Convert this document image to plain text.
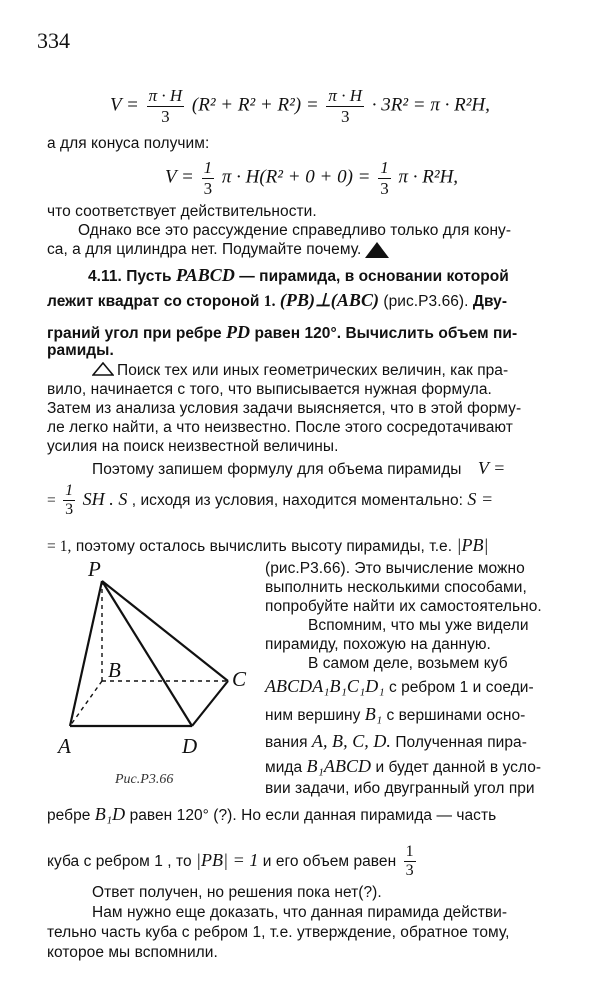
334
$V = \frac{\pi \cdot H}{3} (R^2 + R^2 + R^2) = \frac{\pi \cdot H}{3} \cdot 3R^2 = \pi \cdot R^2H$,
а для конуса получим:
$V = \frac{1}{3}$ $\pi \cdot H(R^2 + 0 + 0) = \frac{1}{3}$ π · R²H,
что соответствует действительности.
Однако все это рассуждение справедливо только для кону-
са, а для цилиндра нет. Подумайте почему.
4.11. Пусть PABCD — пирамида, в основании которой
лежит квадрат со стороной 1. (PB)⊥(ABC) (рис.Р3.66). Дву-
граний угол при ребре PD равен 120°. Вычислить объем пи-
рамиды.
Поиск тех или иных геометрических величин, как пра-
вило, начинается с того, что выписывается нужная формула.
Затем из анализа условия задачи выясняется, что в этой форму-
ле легко найти, а что неизвестно. После этого сосредотачивают
усилия на поиск неизвестной величины.
Поэтому запишем формулу для объема пирамиды V =
= $\frac{1}{3}$ SH . S , исходя из условия, находится моментально: S =
= 1, поэтому осталось вычислить высоту пирамиды, т.е. |PB|
P
B	C
A	D
Рис.Р3.66
(рис.Р3.66). Это вычисление можно
выполнить несколькими способами,
попробуйте найти их самостоятельно.
Вспомним, что мы уже видели
пирамиду, похожую на данную.
В самом деле, возьмем куб
ABCDA₁B₁C₁D₁ с ребром 1 и соеди-
ним вершину B₁ с вершинами осно-
вания A, B, C, D. Полученная пира-
мида B₁ABCD и будет данной в усло-
вии задачи, ибо двугранный угол при
ребре B₁D равен 120° (?). Но если данная пирамида — часть
куба с ребром 1 , то |PB| = 1 и его объем равен $\frac{1}{3}$
Ответ получен, но решения пока нет(?).
Нам нужно еще доказать, что данная пирамида действи-
тельно часть куба с ребром 1, т.е. утверждение, обратное тому,
которое мы вспомнили.
